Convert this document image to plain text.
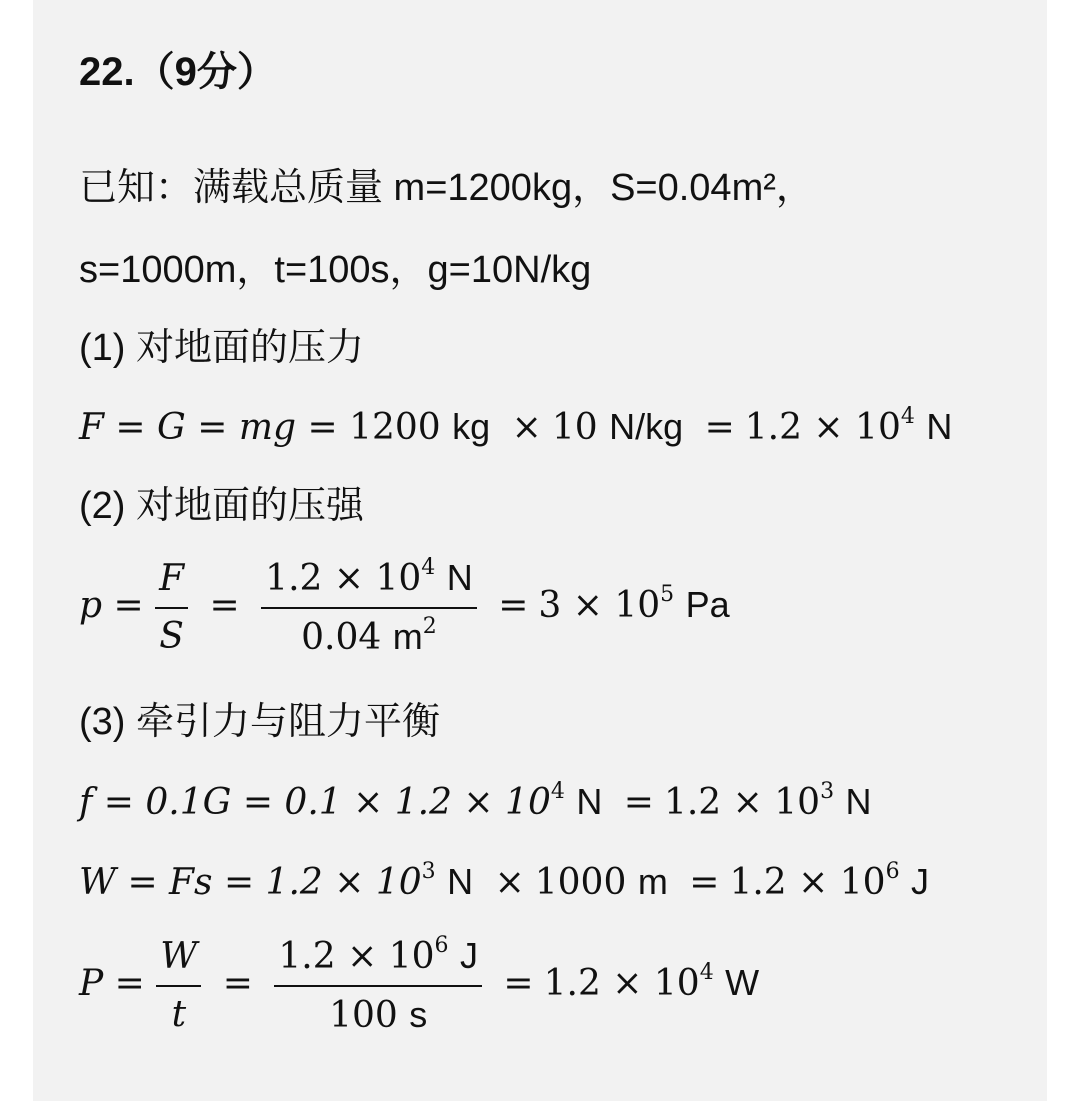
22.（9分）
已知：满载总质量 m=1200kg，S=0.04m²，
s=1000m，t=100s，g=10N/kg
(1) 对地面的压力
F = G = mg = 1200 kg × 10 $N/kg = 1.2 \times 10^4$ N
(2) 对地面的压强
$p = \frac{F}{S} = \frac{1.2 \times 10^4 N}{0.04 m^2} = 3 \times 10^5$ Pa
(3) 牵引力与阻力平衡
$f = 0.1G = 0.1 \times 1.2 \times 10^4$ $N = 1.2 \times 10^3$ N
$W = Fs = 1.2 \times 10^3$ N × 1000 $m = 1.2 \times 10^6$ J
$P = \frac{W}{t} = \frac{1.2 \times 10^6 J}{100 s} = 1.2 \times 10^4$ W
